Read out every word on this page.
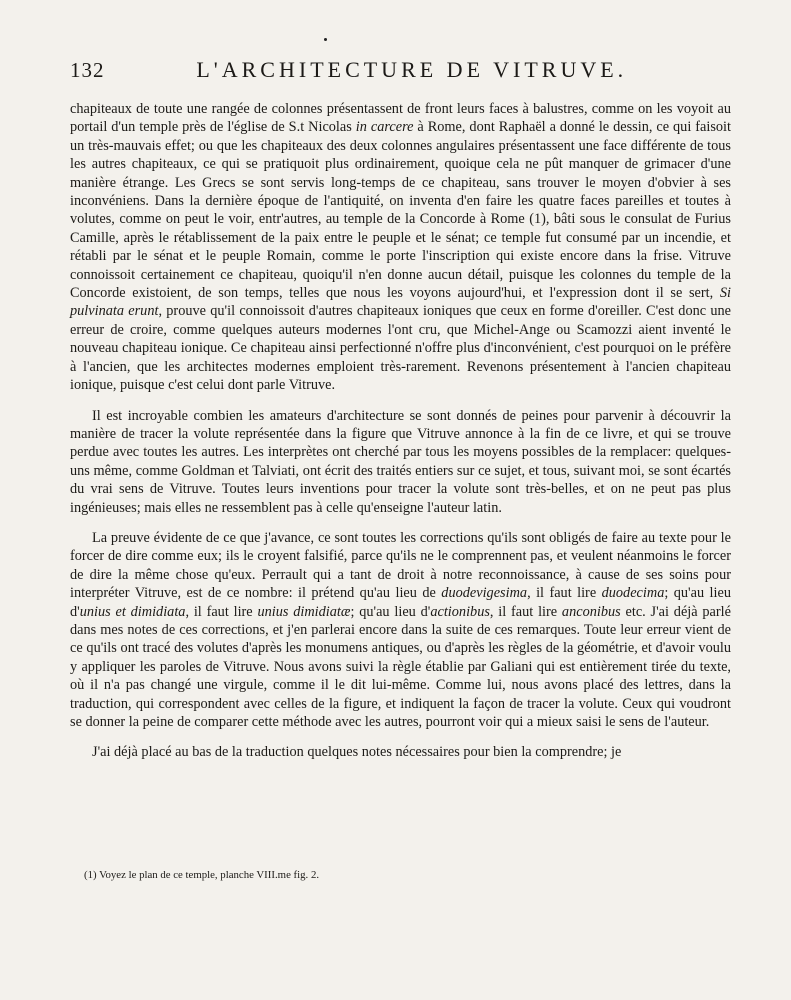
132	L'ARCHITECTURE DE VITRUVE.

chapiteaux de toute une rangée de colonnes présentassent de front leurs faces à balustres, comme on les voyoit au portail d'un temple près de l'église de S.t Nicolas in carcere à Rome, dont Raphaël a donné le dessin, ce qui faisoit un très-mauvais effet; ou que les chapiteaux des deux colonnes angulaires présentassent une face différente de tous les autres chapiteaux, ce qui se pratiquoit plus ordinairement, quoique cela ne pût manquer de grimacer d'une manière étrange. Les Grecs se sont servis long-temps de ce chapiteau, sans trouver le moyen d'obvier à ses inconvéniens. Dans la dernière époque de l'antiquité, on inventa d'en faire les quatre faces pareilles et toutes à volutes, comme on peut le voir, entr'autres, au temple de la Concorde à Rome (1), bâti sous le consulat de Furius Camille, après le rétablissement de la paix entre le peuple et le sénat; ce temple fut consumé par un incendie, et rétabli par le sénat et le peuple Romain, comme le porte l'inscription qui existe encore dans la frise. Vitruve connoissoit certainement ce chapiteau, quoiqu'il n'en donne aucun détail, puisque les colonnes du temple de la Concorde existoient, de son temps, telles que nous les voyons aujourd'hui, et l'expression dont il se sert, Si pulvinata erunt, prouve qu'il connoissoit d'autres chapiteaux ioniques que ceux en forme d'oreiller. C'est donc une erreur de croire, comme quelques auteurs modernes l'ont cru, que Michel-Ange ou Scamozzi aient inventé le nouveau chapiteau ionique. Ce chapiteau ainsi perfectionné n'offre plus d'inconvénient, c'est pourquoi on le préfère à l'ancien, que les architectes modernes emploient très-rarement. Revenons présentement à l'ancien chapiteau ionique, puisque c'est celui dont parle Vitruve.

Il est incroyable combien les amateurs d'architecture se sont donnés de peines pour parvenir à découvrir la manière de tracer la volute représentée dans la figure que Vitruve annonce à la fin de ce livre, et qui se trouve perdue avec toutes les autres. Les interprètes ont cherché par tous les moyens possibles de la remplacer: quelques-uns même, comme Goldman et Talviati, ont écrit des traités entiers sur ce sujet, et tous, suivant moi, se sont écartés du vrai sens de Vitruve. Toutes leurs inventions pour tracer la volute sont très-belles, et on ne peut pas plus ingénieuses; mais elles ne ressemblent pas à celle qu'enseigne l'auteur latin.

La preuve évidente de ce que j'avance, ce sont toutes les corrections qu'ils sont obligés de faire au texte pour le forcer de dire comme eux; ils le croyent falsifié, parce qu'ils ne le comprennent pas, et veulent néanmoins le forcer de dire la même chose qu'eux. Perrault qui a tant de droit à notre reconnoissance, à cause de ses soins pour interpréter Vitruve, est de ce nombre: il prétend qu'au lieu de duodevigesima, il faut lire duodecima; qu'au lieu d'unius et dimidiata, il faut lire unius dimidiatæ; qu'au lieu d'actionibus, il faut lire anconibus etc. J'ai déjà parlé dans mes notes de ces corrections, et j'en parlerai encore dans la suite de ces remarques. Toute leur erreur vient de ce qu'ils ont tracé des volutes d'après les monumens antiques, ou d'après les règles de la géométrie, et d'avoir voulu y appliquer les paroles de Vitruve. Nous avons suivi la règle établie par Galiani qui est entièrement tirée du texte, où il n'a pas changé une virgule, comme il le dit lui-même. Comme lui, nous avons placé des lettres, dans la traduction, qui correspondent avec celles de la figure, et indiquent la façon de tracer la volute. Ceux qui voudront se donner la peine de comparer cette méthode avec les autres, pourront voir qui a mieux saisi le sens de l'auteur.

J'ai déjà placé au bas de la traduction quelques notes nécessaires pour bien la comprendre; je

(1) Voyez le plan de ce temple, planche VIII.me fig. 2.
